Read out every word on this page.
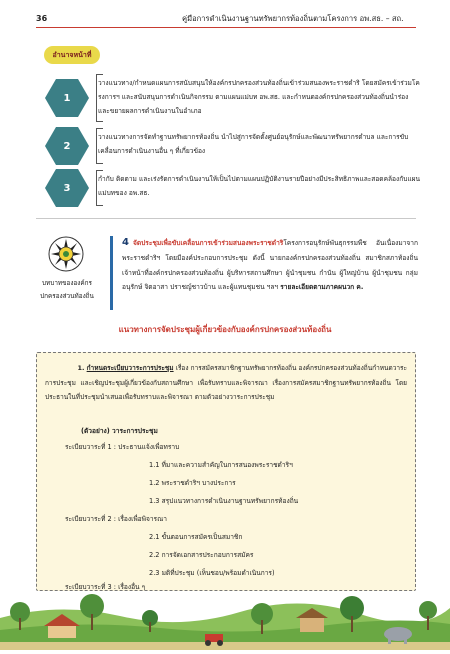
36	คู่มือการดำเนินงานฐานทรัพยากรท้องถิ่นตามโครงการ อพ.สธ. – สถ.
อำนาจหน้าที่
1
วางแนวทาง/กำหนดแผนการสนับสนุนให้องค์กรปกครองส่วนท้องถิ่นเข้าร่วมสนองพระราชดำริ โดยสมัครเข้าร่วมโครงการฯ และสนับสนุนการดำเนินกิจกรรม ตามแผนแม่บท อพ.สธ. และกำหนดองค์กรปกครองส่วนท้องถิ่นนำร่องและขยายผลการดำเนินงานในอำเภอ
2
วางแนวทางการจัดทำฐานทรัพยากรท้องถิ่น นำไปสู่การจัดตั้งศูนย์อนุรักษ์และพัฒนาทรัพยากรตำบล และการขับเคลื่อนการดำเนินงานอื่น ๆ ที่เกี่ยวข้อง
3
กำกับ ติดตาม และเร่งรัดการดำเนินงานให้เป็นไปตามแผนปฏิบัติงานรายปีอย่างมีประสิทธิภาพและสอดคล้องกับแผนแม่บทของ อพ.สธ.
บทบาทขององค์กรปกครองส่วนท้องถิ่น
4 จัดประชุมเพื่อขับเคลื่อนการเข้าร่วมสนองพระราชดำริโครงการอนุรักษ์พันธุกรรมพืช อันเนื่องมาจากพระราชดำริฯ โดยมีองค์ประกอบการประชุม ดังนี้ นายกองค์กรปกครองส่วนท้องถิ่น สมาชิกสภาท้องถิ่น เจ้าหน้าที่องค์กรปกครองส่วนท้องถิ่น ผู้บริหารสถานศึกษา ผู้นำชุมชน กำนัน ผู้ใหญ่บ้าน ผู้นำชุมชน กลุ่มอนุรักษ์ จิตอาสา ปราชญ์ชาวบ้าน และผู้แทนชุมชน ฯลฯ รายละเอียดตามภาคผนวก ค.
แนวทางการจัดประชุมผู้เกี่ยวข้องกับองค์กรปกครองส่วนท้องถิ่น

     1. กำหนดระเบียบวาระการประชุม เรื่อง การสมัครสมาชิกฐานทรัพยากรท้องถิ่น องค์กรปกครองส่วนท้องถิ่นกำหนดวาระการประชุม และเชิญประชุมผู้เกี่ยวข้องกับสถานศึกษา เพื่อรับทราบและพิจารณา เรื่องการสมัครสมาชิกฐานทรัพยากรท้องถิ่น โดยประธานในที่ประชุมนำเสนอเพื่อรับทราบและพิจารณา ตามตัวอย่างวาระการประชุม

(ตัวอย่าง) วาระการประชุม
ระเบียบวาระที่ 1 : ประธานแจ้งเพื่อทราบ
1.1 ที่มาและความสำคัญในการสนองพระราชดำริฯ
1.2 พระราชดำริฯ บางประการ
1.3 สรุปแนวทางการดำเนินงานฐานทรัพยากรท้องถิ่น
ระเบียบวาระที่ 2 : เรื่องเพื่อพิจารณา
2.1 ขั้นตอนการสมัครเป็นสมาชิก
2.2 การจัดเอกสารประกอบการสมัคร
2.3 มติที่ประชุม (เห็นชอบ/พร้อมดำเนินการ)
ระเบียบวาระที่ 3 : เรื่องอื่น ๆ
